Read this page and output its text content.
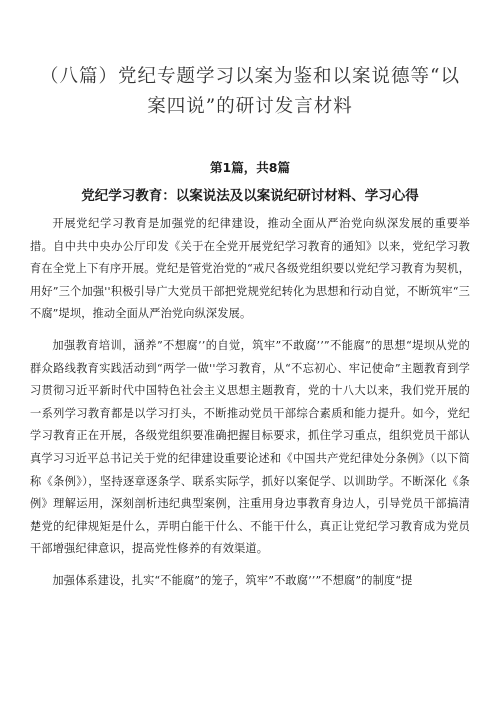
（八篇）党纪专题学习以案为鉴和以案说德等“以案四说”的研讨发言材料
第1篇，共8篇
党纪学习教育：以案说法及以案说纪研讨材料、学习心得

开展党纪学习教育是加强党的纪律建设，推动全面从严治党向纵深发展的重要举措。自中共中央办公厅印发《关于在全党开展党纪学习教育的通知》以来，党纪学习教育在全党上下有序开展。党纪是管党治党的“戒尺各级党组织要以党纪学习教育为契机，用好”三个加强''积极引导广大党员干部把党规党纪转化为思想和行动自觉，不断筑牢“三不腐”堤坝，推动全面从严治党向纵深发展。

加强教育培训，涵养”不想腐’’的自觉，筑牢”不敢腐’’”不能腐”的思想“堤坝从党的群众路线教育实践活动到“两学一做''学习教育，从“不忘初心、牢记使命”主题教育到学习贯彻习近平新时代中国特色社会主义思想主题教育，党的十八大以来，我们党开展的一系列学习教育都是以学习打头，不断推动党员干部综合素质和能力提升。如今，党纪学习教育正在开展，各级党组织要准确把握目标要求，抓住学习重点，组织党员干部认真学习习近平总书记关于党的纪律建设重要论述和《中国共产党纪律处分条例》（以下简称《条例》），坚持逐章逐条学、联系实际学，抓好以案促学、以训助学。不断深化《条例》理解运用，深刻剖析违纪典型案例，注重用身边事教育身边人，引导党员干部搞清楚党的纪律规矩是什么，弄明白能干什么、不能干什么，真正让党纪学习教育成为党员干部增强纪律意识，提高党性修养的有效渠道。

加强体系建设，扎实“不能腐”的笼子，筑牢”不敢腐’’”不想腐”的制度“提
